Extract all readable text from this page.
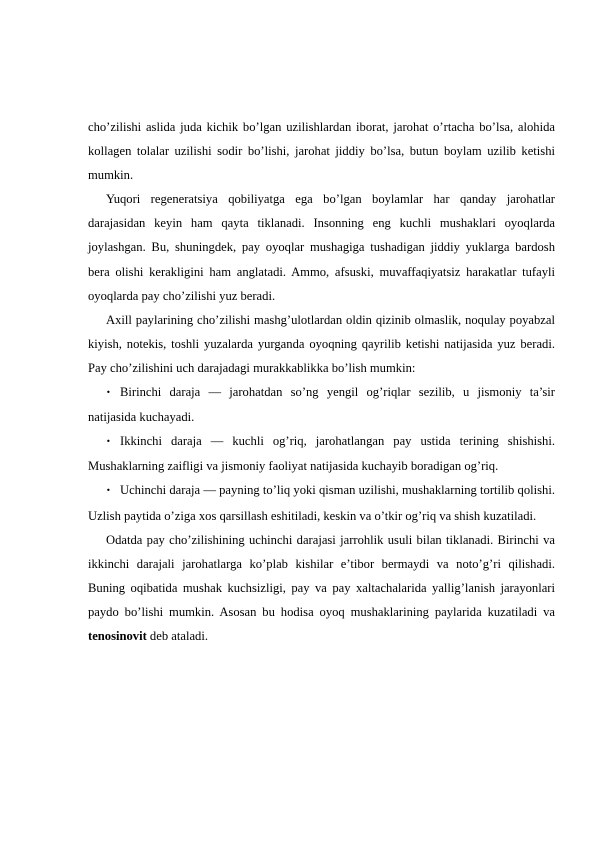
cho’zilishi aslida juda kichik bo’lgan uzilishlardan iborat, jarohat o’rtacha bo’lsa, alohida kollagen tolalar uzilishi sodir bo’lishi, jarohat jiddiy bo’lsa, butun boylam uzilib ketishi mumkin.

Yuqori regeneratsiya qobiliyatga ega bo’lgan boylamlar har qanday jarohatlar darajasidan keyin ham qayta tiklanadi. Insonning eng kuchli mushaklari oyoqlarda joylashgan. Bu, shuningdek, pay oyoqlar mushagiga tushadigan jiddiy yuklarga bardosh bera olishi kerakligini ham anglatadi. Ammo, afsuski, muvaffaqiyatsiz harakatlar tufayli oyoqlarda pay cho’zilishi yuz beradi.

Axill paylarining cho’zilishi mashg’ulotlardan oldin qizinib olmaslik, noqulay poyabzal kiyish, notekis, toshli yuzalarda yurganda oyoqning qayrilib ketishi natijasida yuz beradi. Pay cho’zilishini uch darajadagi murakkablikka bo’lish mumkin:

• Birinchi daraja — jarohatdan so’ng yengil og’riqlar sezilib, u jismoniy ta’sir natijasida kuchayadi.

• Ikkinchi daraja — kuchli og’riq, jarohatlangan pay ustida terining shishishi. Mushaklarning zaifligi va jismoniy faoliyat natijasida kuchayib boradigan og’riq.

• Uchinchi daraja — payning to’liq yoki qisman uzilishi, mushaklarning tortilib qolishi. Uzlish paytida o’ziga xos qarsillash eshitiladi, keskin va o’tkir og’riq va shish kuzatiladi.

Odatda pay cho’zilishining uchinchi darajasi jarrohlik usuli bilan tiklanadi. Birinchi va ikkinchi darajali jarohatlarga ko’plab kishilar e’tibor bermaydi va noto’g’ri qilishadi. Buning oqibatida mushak kuchsizligi, pay va pay xaltachalarida yallig’lanish jarayonlari paydo bo’lishi mumkin. Asosan bu hodisa oyoq mushaklarining paylarida kuzatiladi va tenosinovit deb ataladi.
